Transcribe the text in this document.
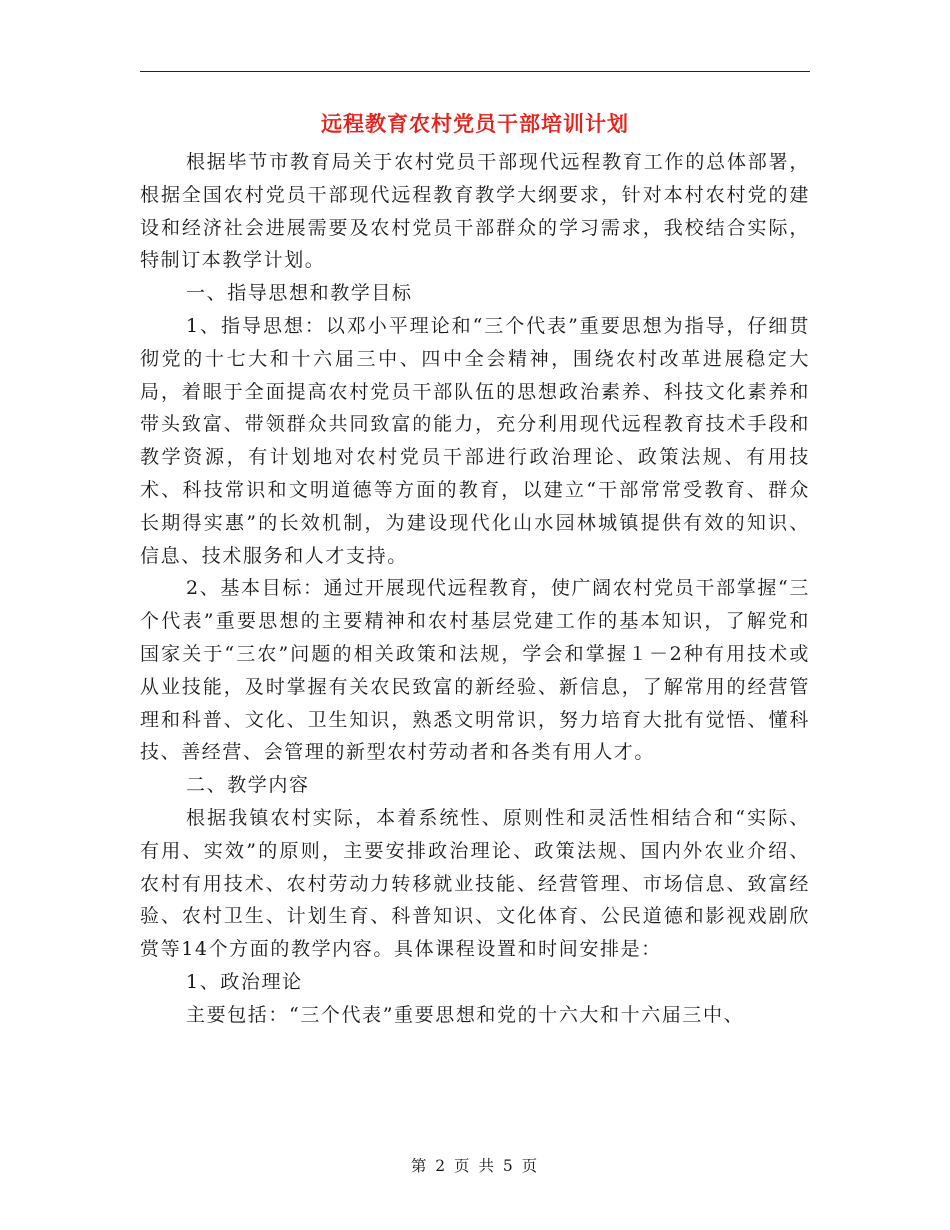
远程教育农村党员干部培训计划

根据毕节市教育局关于农村党员干部现代远程教育工作的总体部署，根据全国农村党员干部现代远程教育教学大纲要求，针对本村农村党的建设和经济社会进展需要及农村党员干部群众的学习需求，我校结合实际，特制订本教学计划。

一、指导思想和教学目标

1、指导思想：以邓小平理论和“三个代表”重要思想为指导，仔细贯彻党的十七大和十六届三中、四中全会精神，围绕农村改革进展稳定大局，着眼于全面提高农村党员干部队伍的思想政治素养、科技文化素养和带头致富、带领群众共同致富的能力，充分利用现代远程教育技术手段和教学资源，有计划地对农村党员干部进行政治理论、政策法规、有用技术、科技常识和文明道德等方面的教育，以建立“干部常常受教育、群众长期得实惠”的长效机制，为建设现代化山水园林城镇提供有效的知识、信息、技术服务和人才支持。

2、基本目标：通过开展现代远程教育，使广阔农村党员干部掌握“三个代表”重要思想的主要精神和农村基层党建工作的基本知识，了解党和国家关于“三农”问题的相关政策和法规，学会和掌握１－2种有用技术或从业技能，及时掌握有关农民致富的新经验、新信息，了解常用的经营管理和科普、文化、卫生知识，熟悉文明常识，努力培育大批有觉悟、懂科技、善经营、会管理的新型农村劳动者和各类有用人才。

二、教学内容

根据我镇农村实际，本着系统性、原则性和灵活性相结合和“实际、有用、实效”的原则，主要安排政治理论、政策法规、国内外农业介绍、农村有用技术、农村劳动力转移就业技能、经营管理、市场信息、致富经验、农村卫生、计划生育、科普知识、文化体育、公民道德和影视戏剧欣赏等14个方面的教学内容。具体课程设置和时间安排是：

1、政治理论

主要包括：“三个代表”重要思想和党的十六大和十六届三中、

第 2 页 共 5 页
